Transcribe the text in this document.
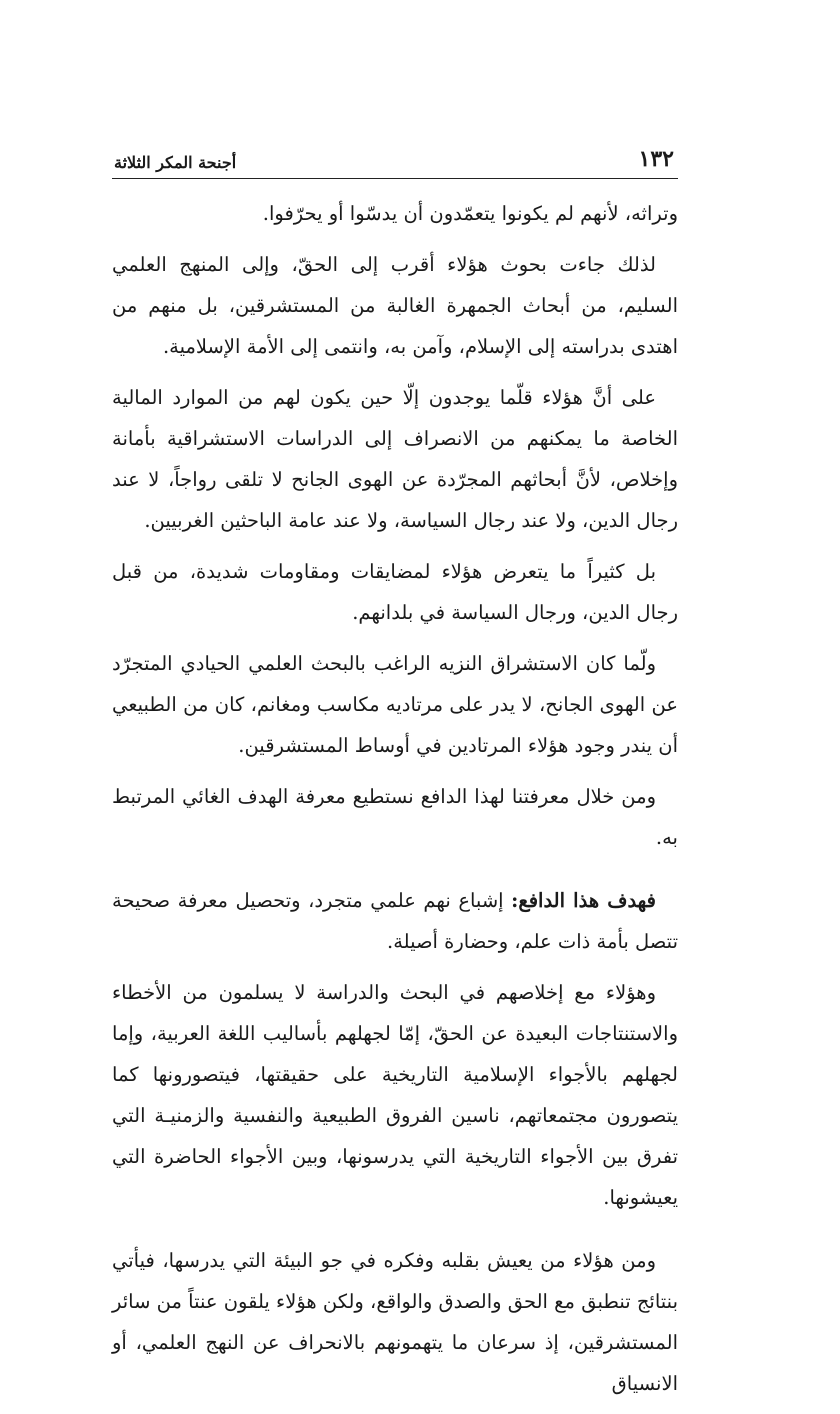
١٣٢
أجنحة المكر الثلاثة

وتراثه، لأنهم لم يكونوا يتعمّدون أن يدسّوا أو يحرّفوا.

لذلك جاءت بحوث هؤلاء أقرب إلى الحقّ، وإلى المنهج العلمي السليم، من أبحاث الجمهرة الغالبة من المستشرقين، بل منهم من اهتدى بدراسته إلى الإسلام، وآمن به، وانتمى إلى الأمة الإسلامية.

على أنَّ هؤلاء قلّما يوجدون إلّا حين يكون لهم من الموارد المالية الخاصة ما يمكنهم من الانصراف إلى الدراسات الاستشراقية بأمانة وإخلاص، لأنَّ أبحاثهم المجرّدة عن الهوى الجانح لا تلقى رواجاً، لا عند رجال الدين، ولا عند رجال السياسة، ولا عند عامة الباحثين الغربيين.

بل كثيراً ما يتعرض هؤلاء لمضايقات ومقاومات شديدة، من قبل رجال الدين، ورجال السياسة في بلدانهم.

ولّما كان الاستشراق النزيه الراغب بالبحث العلمي الحيادي المتجرّد عن الهوى الجانح، لا يدر على مرتاديه مكاسب ومغانم، كان من الطبيعي أن يندر وجود هؤلاء المرتادين في أوساط المستشرقين.

ومن خلال معرفتنا لهذا الدافع نستطيع معرفة الهدف الغائي المرتبط به.

فهدف هذا الدافع: إشباع نهم علمي متجرد، وتحصيل معرفة صحيحة تتصل بأمة ذات علم، وحضارة أصيلة.

وهؤلاء مع إخلاصهم في البحث والدراسة لا يسلمون من الأخطاء والاستنتاجات البعيدة عن الحقّ، إمّا لجهلهم بأساليب اللغة العربية، وإما لجهلهم بالأجواء الإسلامية التاريخية على حقيقتها، فيتصورونها كما يتصورون مجتمعاتهم، ناسين الفروق الطبيعية والنفسية والزمنيـة التي تفرق بين الأجواء التاريخية التي يدرسونها، وبين الأجواء الحاضرة التي يعيشونها.

ومن هؤلاء من يعيش بقلبه وفكره في جو البيئة التي يدرسها، فيأتي بنتائج تنطبق مع الحق والصدق والواقع، ولكن هؤلاء يلقون عنتاً من سائر المستشرقين، إذ سرعان ما يتهمونهم بالانحراف عن النهج العلمي، أو الانسياق
